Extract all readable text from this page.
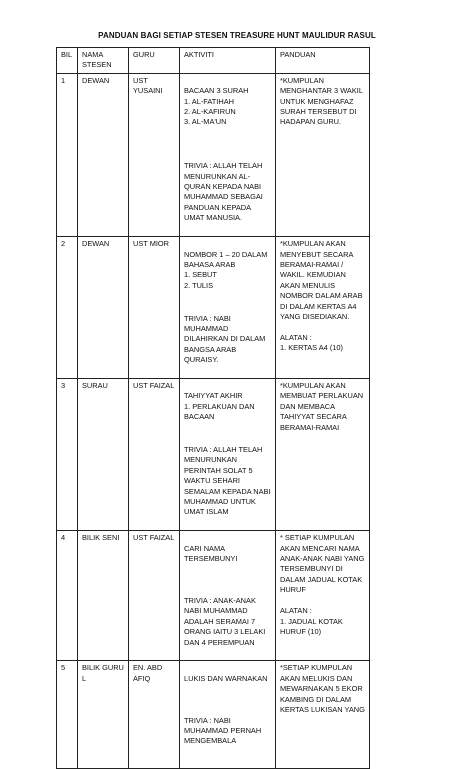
PANDUAN BAGI SETIAP STESEN TREASURE HUNT MAULIDUR RASUL
BIL	NAMA STESEN	GURU	AKTIVITI	PANDUAN
1	DEWAN	UST YUSAINI	BACAAN 3 SURAH
1. AL-FATIHAH
2. AL-KAFIRUN
3. AL-MA'UN

TRIVIA : ALLAH TELAH MENURUNKAN AL-QURAN KEPADA NABI MUHAMMAD SEBAGAI PANDUAN KEPADA UMAT MANUSIA.	*KUMPULAN MENGHANTAR 3 WAKIL UNTUK MENGHAFAZ SURAH TERSEBUT DI HADAPAN GURU.
2	DEWAN	UST MIOR	NOMBOR 1 – 20 DALAM BAHASA ARAB
1. SEBUT
2. TULIS

TRIVIA : NABI MUHAMMAD DILAHIRKAN DI DALAM BANGSA ARAB QURAISY.	*KUMPULAN AKAN MENYEBUT SECARA BERAMAI-RAMAI / WAKIL. KEMUDIAN AKAN MENULIS NOMBOR DALAM ARAB DI DALAM KERTAS A4 YANG DISEDIAKAN.

ALATAN :
1. KERTAS A4 (10)
3	SURAU	UST FAIZAL	TAHIYYAT AKHIR
1. PERLAKUAN DAN BACAAN

TRIVIA : ALLAH TELAH MENURUNKAN PERINTAH SOLAT 5 WAKTU SEHARI SEMALAM KEPADA NABI MUHAMMAD UNTUK UMAT ISLAM	*KUMPULAN AKAN MEMBUAT PERLAKUAN DAN MEMBACA TAHIYYAT SECARA BERAMAI-RAMAI
4	BILIK SENI	UST FAIZAL	CARI NAMA TERSEMBUNYI

TRIVIA : ANAK-ANAK NABI MUHAMMAD ADALAH SERAMAI 7 ORANG IAITU 3 LELAKI DAN 4 PEREMPUAN	* SETIAP KUMPULAN AKAN MENCARI NAMA ANAK-ANAK NABI YANG TERSEMBUNYI DI DALAM JADUAL KOTAK HURUF

ALATAN :
1. JADUAL KOTAK HURUF (10)
5	BILIK GURU L	EN. ABD AFIQ	LUKIS DAN WARNAKAN

TRIVIA : NABI MUHAMMAD PERNAH MENGEMBALA	*SETIAP KUMPULAN AKAN MELUKIS DAN MEWARNAKAN 5 EKOR KAMBING DI DALAM KERTAS LUKISAN YANG
